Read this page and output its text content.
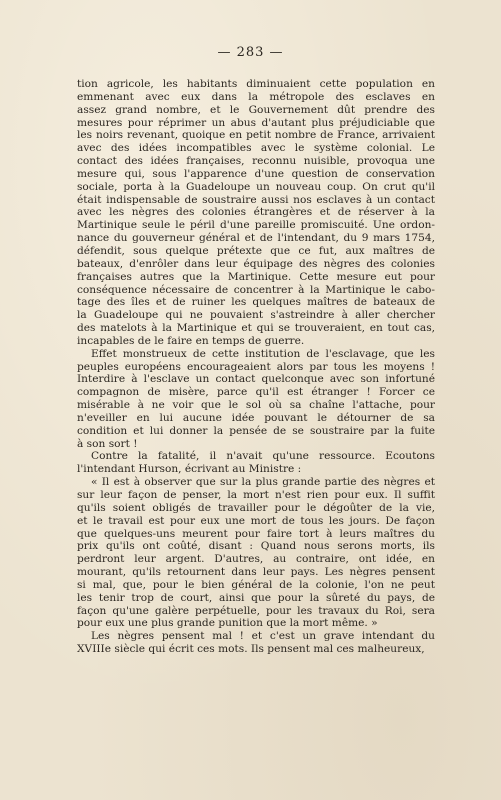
— 283 —
tion agricole, les habitants diminuaient cette population en
emmenant avec eux dans la métropole des esclaves en
assez grand nombre, et le Gouvernement dût prendre des
mesures pour réprimer un abus d'autant plus préjudiciable que
les noirs revenant, quoique en petit nombre de France, arrivaient
avec des idées incompatibles avec le système colonial. Le
contact des idées françaises, reconnu nuisible, provoqua une
mesure qui, sous l'apparence d'une question de conservation
sociale, porta à la Guadeloupe un nouveau coup. On crut qu'il
était indispensable de soustraire aussi nos esclaves à un contact
avec les nègres des colonies étrangères et de réserver à la
Martinique seule le péril d'une pareille promiscuité. Une ordon-
nance du gouverneur général et de l'intendant, du 9 mars 1754,
défendit, sous quelque prétexte que ce fut, aux maîtres de
bateaux, d'enrôler dans leur équipage des nègres des colonies
françaises autres que la Martinique. Cette mesure eut pour
conséquence nécessaire de concentrer à la Martinique le cabo-
tage des îles et de ruiner les quelques maîtres de bateaux de
la Guadeloupe qui ne pouvaient s'astreindre à aller chercher
des matelots à la Martinique et qui se trouveraient, en tout cas,
incapables de le faire en temps de guerre.
Effet monstrueux de cette institution de l'esclavage, que les
peuples européens encourageaient alors par tous les moyens !
Interdire à l'esclave un contact quelconque avec son infortuné
compagnon de misère, parce qu'il est étranger ! Forcer ce
misérable à ne voir que le sol où sa chaîne l'attache, pour
n'eveiller en lui aucune idée pouvant le détourner de sa
condition et lui donner la pensée de se soustraire par la fuite
à son sort !
Contre la fatalité, il n'avait qu'une ressource. Ecoutons
l'intendant Hurson, écrivant au Ministre :
« Il est à observer que sur la plus grande partie des nègres et
sur leur façon de penser, la mort n'est rien pour eux. Il suffit
qu'ils soient obligés de travailler pour le dégoûter de la vie,
et le travail est pour eux une mort de tous les jours. De façon
que quelques-uns meurent pour faire tort à leurs maîtres du
prix qu'ils ont coûté, disant : Quand nous serons morts, ils
perdront leur argent. D'autres, au contraire, ont idée, en
mourant, qu'ils retournent dans leur pays. Les nègres pensent
si mal, que, pour le bien général de la colonie, l'on ne peut
les tenir trop de court, ainsi que pour la sûreté du pays, de
façon qu'une galère perpétuelle, pour les travaux du Roi, sera
pour eux une plus grande punition que la mort même. »
Les nègres pensent mal ! et c'est un grave intendant du
XVIIIe siècle qui écrit ces mots. Ils pensent mal ces malheureux,
